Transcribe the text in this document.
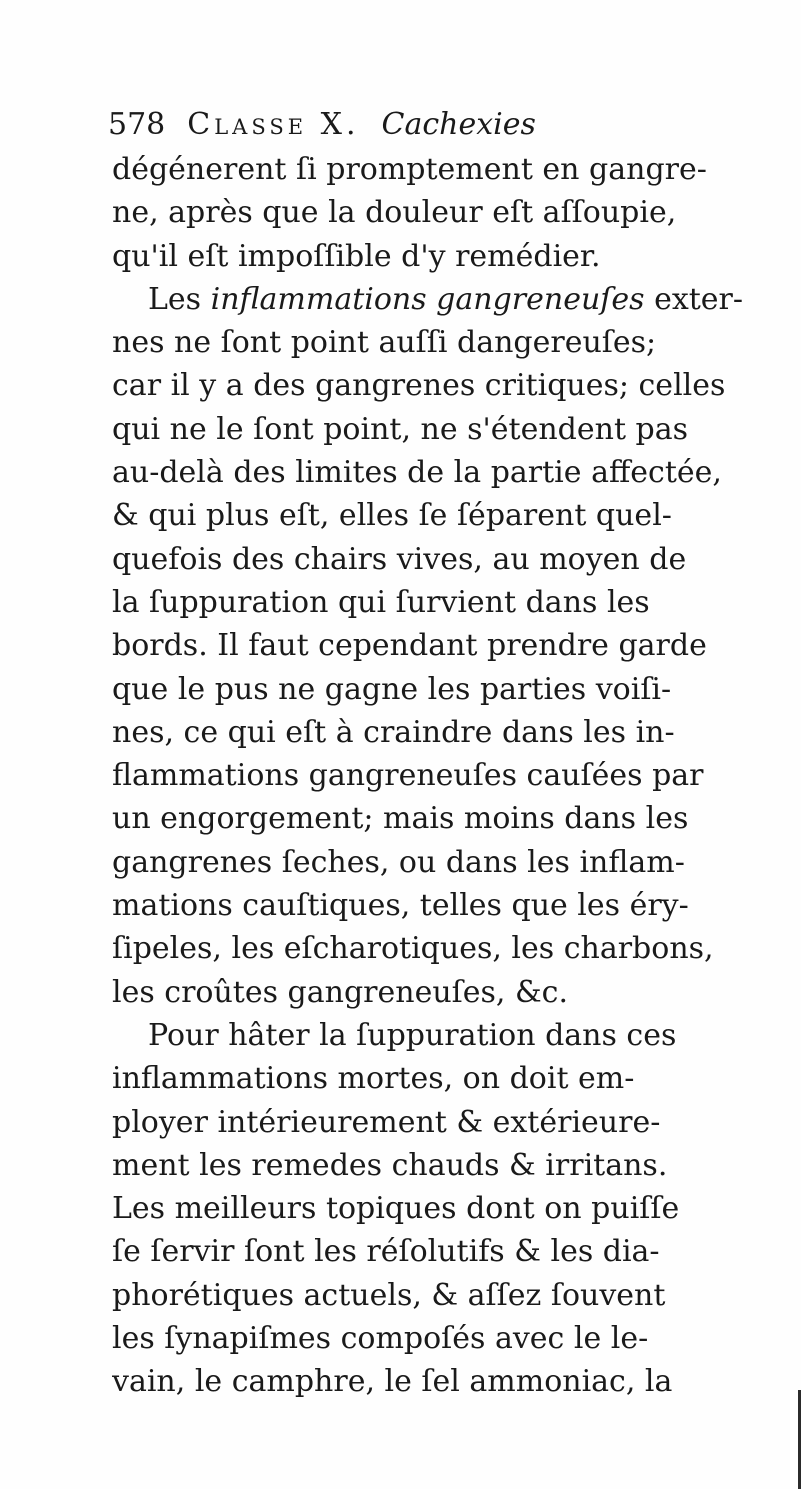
578 Classe X. Cachexies
dégénerent ſi promptement en gangre-
ne, après que la douleur eſt aſſoupie,
qu'il eſt impoſſible d'y remédier.
Les inflammations gangreneuſes exter-
nes ne ſont point auſſi dangereuſes;
car il y a des gangrenes critiques; celles
qui ne le ſont point, ne s'étendent pas
au-delà des limites de la partie affectée,
& qui plus eſt, elles ſe ſéparent quel-
quefois des chairs vives, au moyen de
la ſuppuration qui ſurvient dans les
bords. Il faut cependant prendre garde
que le pus ne gagne les parties voiſi-
nes, ce qui eſt à craindre dans les in-
flammations gangreneuſes cauſées par
un engorgement; mais moins dans les
gangrenes ſeches, ou dans les inflam-
mations cauſtiques, telles que les éry-
ſipeles, les eſcharotiques, les charbons,
les croûtes gangreneuſes, &c.
Pour hâter la ſuppuration dans ces
inflammations mortes, on doit em-
ployer intérieurement & extérieure-
ment les remedes chauds & irritans.
Les meilleurs topiques dont on puiſſe
ſe ſervir ſont les réſolutifs & les dia-
phorétiques actuels, & aſſez ſouvent
les ſynapiſmes compoſés avec le le-
vain, le camphre, le ſel ammoniac, la
